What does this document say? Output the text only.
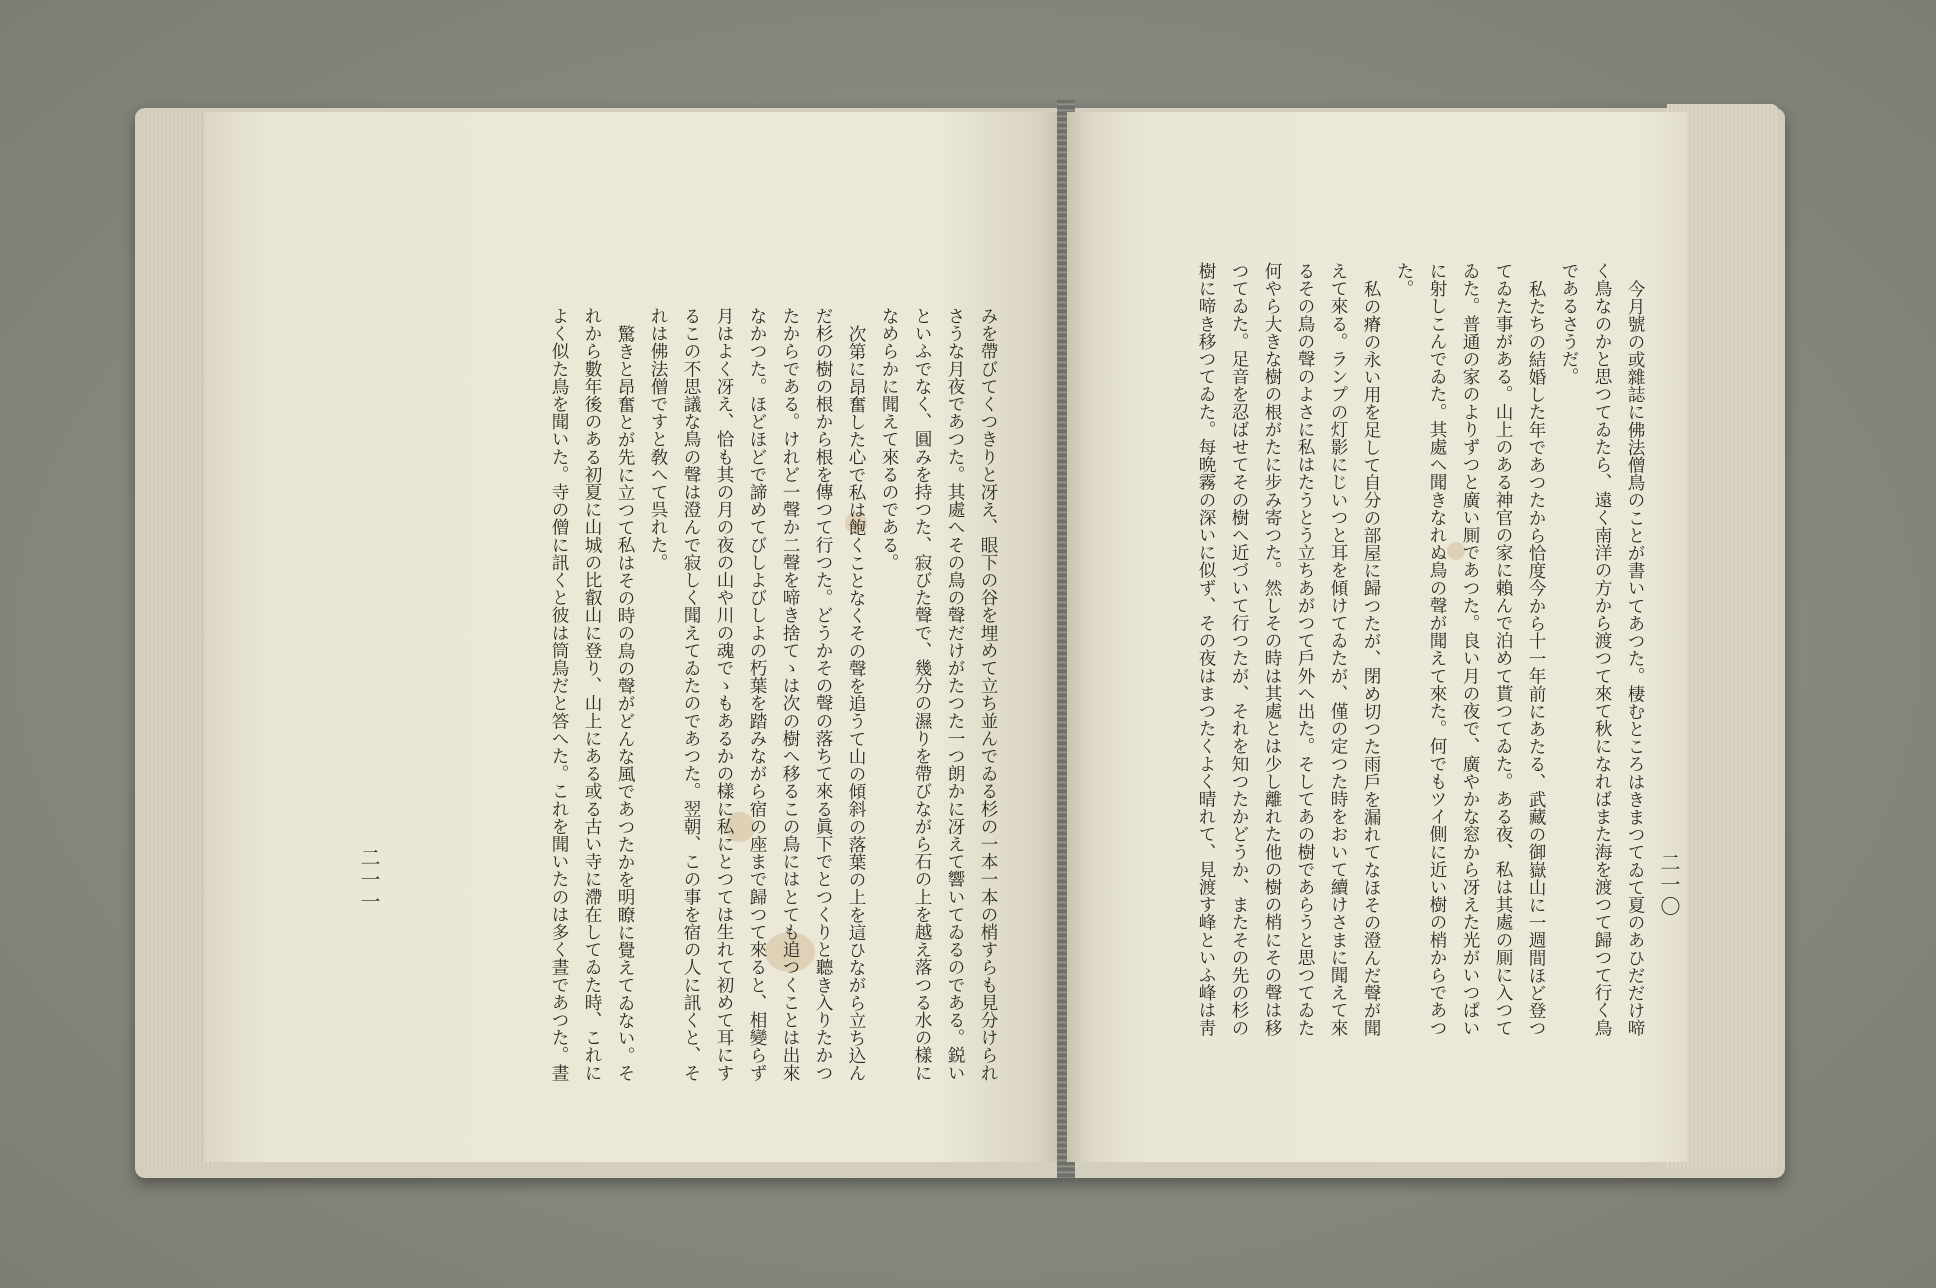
みを帶びてくつきりと冴え、眼下の谷を埋めて立ち並んでゐる杉の一本一本の梢すらも見分けられ

さうな月夜であつた。其處へその鳥の聲だけがたつた一つ朗かに冴えて響いてゐるのである。鋭い

といふでなく、圓みを持つた、寂びた聲で、幾分の濕りを帶びながら石の上を越え落つる水の樣に

なめらかに聞えて來るのである。

次第に昂奮した心で私は飽くことなくその聲を追うて山の傾斜の落葉の上を這ひながら立ち込ん

だ杉の樹の根から根を傳つて行つた。どうかその聲の落ちて來る眞下でとつくりと聽き入りたかつ

たからである。けれど一聲か二聲を啼き捨てゝは次の樹へ移るこの鳥にはとても追つくことは出來

なかつた。ほどほどで諦めてびしよびしよの朽葉を踏みながら宿の座まで歸つて來ると、相變らず

月はよく冴え、恰も其の月の夜の山や川の魂でゝもあるかの樣に私にとつては生れて初めて耳にす

るこの不思議な鳥の聲は澄んで寂しく聞えてゐたのであつた。翌朝、この事を宿の人に訊くと、そ

れは佛法僧ですと敎へて呉れた。

驚きと昂奮とが先に立つて私はその時の鳥の聲がどんな風であつたかを明瞭に覺えてゐない。そ

れから數年後のある初夏に山城の比叡山に登り、山上にある或る古い寺に滯在してゐた時、これに

よく似た鳥を聞いた。寺の僧に訊くと彼は筒鳥だと答へた。これを聞いたのは多く晝であつた。晝

二一一	二一〇

今月號の或雜誌に佛法僧鳥のことが書いてあつた。棲むところはきまつてゐて夏のあひだだけ啼

く鳥なのかと思つてゐたら、遠く南洋の方から渡つて來て秋になればまた海を渡つて歸つて行く鳥

であるさうだ。

私たちの結婚した年であつたから恰度今から十一年前にあたる、武藏の御嶽山に一週間ほど登つ

てゐた事がある。山上のある神官の家に賴んで泊めて貰つてゐた。ある夜、私は其處の厠に入つて

ゐた。普通の家のよりずつと廣い厠であつた。良い月の夜で、廣やかな窓から冴えた光がいつぱい

に射しこんでゐた。其處へ聞きなれぬ鳥の聲が聞えて來た。何でもツイ側に近い樹の梢からであつ

た。

私の瘠の永い用を足して自分の部屋に歸つたが、閉め切つた雨戶を漏れてなほその澄んだ聲が聞

えて來る。ランプの灯影にじいつと耳を傾けてゐたが、僅の定つた時をおいて續けさまに聞えて來

るその鳥の聲のよさに私はたうとう立ちあがつて戶外へ出た。そしてあの樹であらうと思つてゐた

何やら大きな樹の根がたに步み寄つた。然しその時は其處とは少し離れた他の樹の梢にその聲は移

つてゐた。足音を忍ばせてその樹へ近づいて行つたが、それを知つたかどうか、またその先の杉の

樹に啼き移つてゐた。每晩霧の深いに似ず、その夜はまつたくよく晴れて、見渡す峰といふ峰は靑
